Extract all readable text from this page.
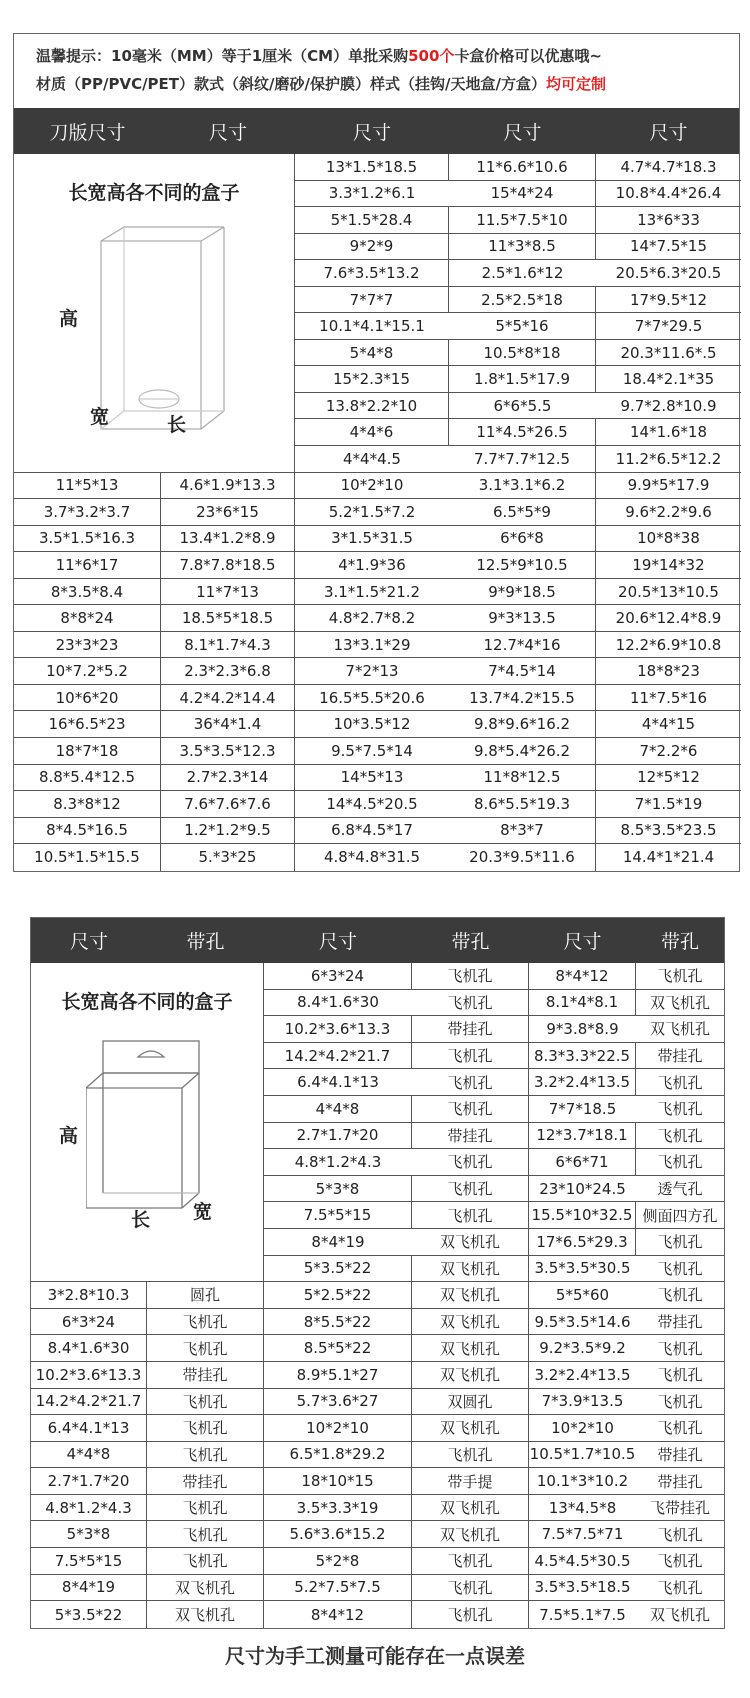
温馨提示：10毫米（MM）等于1厘米（CM）单批采购500个卡盒价格可以优惠哦~
材质（PP/PVC/PET）款式（斜纹/磨砂/保护膜）样式（挂钩/天地盒/方盒）均可定制
刀版尺寸	尺寸	尺寸	尺寸	尺寸
长宽高各不同的盒子
高
宽	长
13*1.5*18.5	11*6.6*10.6	4.7*4.7*18.3
3.3*1.2*6.1	15*4*24	10.8*4.4*26.4
5*1.5*28.4	11.5*7.5*10	13*6*33
9*2*9	11*3*8.5	14*7.5*15
7.6*3.5*13.2	2.5*1.6*12	20.5*6.3*20.5
7*7*7	2.5*2.5*18	17*9.5*12
10.1*4.1*15.1	5*5*16	7*7*29.5
5*4*8	10.5*8*18	20.3*11.6*.5
15*2.3*15	1.8*1.5*17.9	18.4*2.1*35
13.8*2.2*10	6*6*5.5	9.7*2.8*10.9
4*4*6	11*4.5*26.5	14*1.6*18
4*4*4.5	7.7*7.7*12.5	11.2*6.5*12.2
11*5*13	4.6*1.9*13.3	10*2*10	3.1*3.1*6.2	9.9*5*17.9
3.7*3.2*3.7	23*6*15	5.2*1.5*7.2	6.5*5*9	9.6*2.2*9.6
3.5*1.5*16.3	13.4*1.2*8.9	3*1.5*31.5	6*6*8	10*8*38
11*6*17	7.8*7.8*18.5	4*1.9*36	12.5*9*10.5	19*14*32
8*3.5*8.4	11*7*13	3.1*1.5*21.2	9*9*18.5	20.5*13*10.5
8*8*24	18.5*5*18.5	4.8*2.7*8.2	9*3*13.5	20.6*12.4*8.9
23*3*23	8.1*1.7*4.3	13*3.1*29	12.7*4*16	12.2*6.9*10.8
10*7.2*5.2	2.3*2.3*6.8	7*2*13	7*4.5*14	18*8*23
10*6*20	4.2*4.2*14.4	16.5*5.5*20.6	13.7*4.2*15.5	11*7.5*16
16*6.5*23	36*4*1.4	10*3.5*12	9.8*9.6*16.2	4*4*15
18*7*18	3.5*3.5*12.3	9.5*7.5*14	9.8*5.4*26.2	7*2.2*6
8.8*5.4*12.5	2.7*2.3*14	14*5*13	11*8*12.5	12*5*12
8.3*8*12	7.6*7.6*7.6	14*4.5*20.5	8.6*5.5*19.3	7*1.5*19
8*4.5*16.5	1.2*1.2*9.5	6.8*4.5*17	8*3*7	8.5*3.5*23.5
10.5*1.5*15.5	5.*3*25	4.8*4.8*31.5	20.3*9.5*11.6	14.4*1*21.4
尺寸	带孔	尺寸	带孔	尺寸	带孔
长宽高各不同的盒子
高
长 宽
6*3*24	飞机孔	8*4*12	飞机孔
8.4*1.6*30	飞机孔	8.1*4*8.1	双飞机孔
10.2*3.6*13.3	带挂孔	9*3.8*8.9	双飞机孔
14.2*4.2*21.7	飞机孔	8.3*3.3*22.5	带挂孔
6.4*4.1*13	飞机孔	3.2*2.4*13.5	飞机孔
4*4*8	飞机孔	7*7*18.5	飞机孔
2.7*1.7*20	带挂孔	12*3.7*18.1	飞机孔
4.8*1.2*4.3	飞机孔	6*6*71	飞机孔
5*3*8	飞机孔	23*10*24.5	透气孔
7.5*5*15	飞机孔	15.5*10*32.5 侧面四方孔
8*4*19	双飞机孔	17*6.5*29.3	飞机孔
5*3.5*22	双飞机孔	3.5*3.5*30.5	飞机孔
3*2.8*10.3	圆孔	5*2.5*22	双飞机孔	5*5*60	飞机孔
6*3*24	飞机孔	8*5.5*22	双飞机孔	9.5*3.5*14.6	带挂孔
8.4*1.6*30	飞机孔	8.5*5*22	双飞机孔	9.2*3.5*9.2	飞机孔
10.2*3.6*13.3	带挂孔	8.9*5.1*27	双飞机孔	3.2*2.4*13.5	飞机孔
14.2*4.2*21.7	飞机孔	5.7*3.6*27	双圆孔	7*3.9*13.5	飞机孔
6.4*4.1*13	飞机孔	10*2*10	双飞机孔	10*2*10	飞机孔
4*4*8	飞机孔	6.5*1.8*29.2	飞机孔	10.5*1.7*10.5	带挂孔
2.7*1.7*20	带挂孔	18*10*15	带手提	10.1*3*10.2	带挂孔
4.8*1.2*4.3	飞机孔	3.5*3.3*19	双飞机孔	13*4.5*8	飞带挂孔
5*3*8	飞机孔	5.6*3.6*15.2	双飞机孔	7.5*7.5*71	飞机孔
7.5*5*15	飞机孔	5*2*8	飞机孔	4.5*4.5*30.5	飞机孔
8*4*19	双飞机孔	5.2*7.5*7.5	飞机孔	3.5*3.5*18.5	飞机孔
5*3.5*22	双飞机孔	8*4*12	飞机孔	7.5*5.1*7.5	双飞机孔
尺寸为手工测量可能存在一点误差
